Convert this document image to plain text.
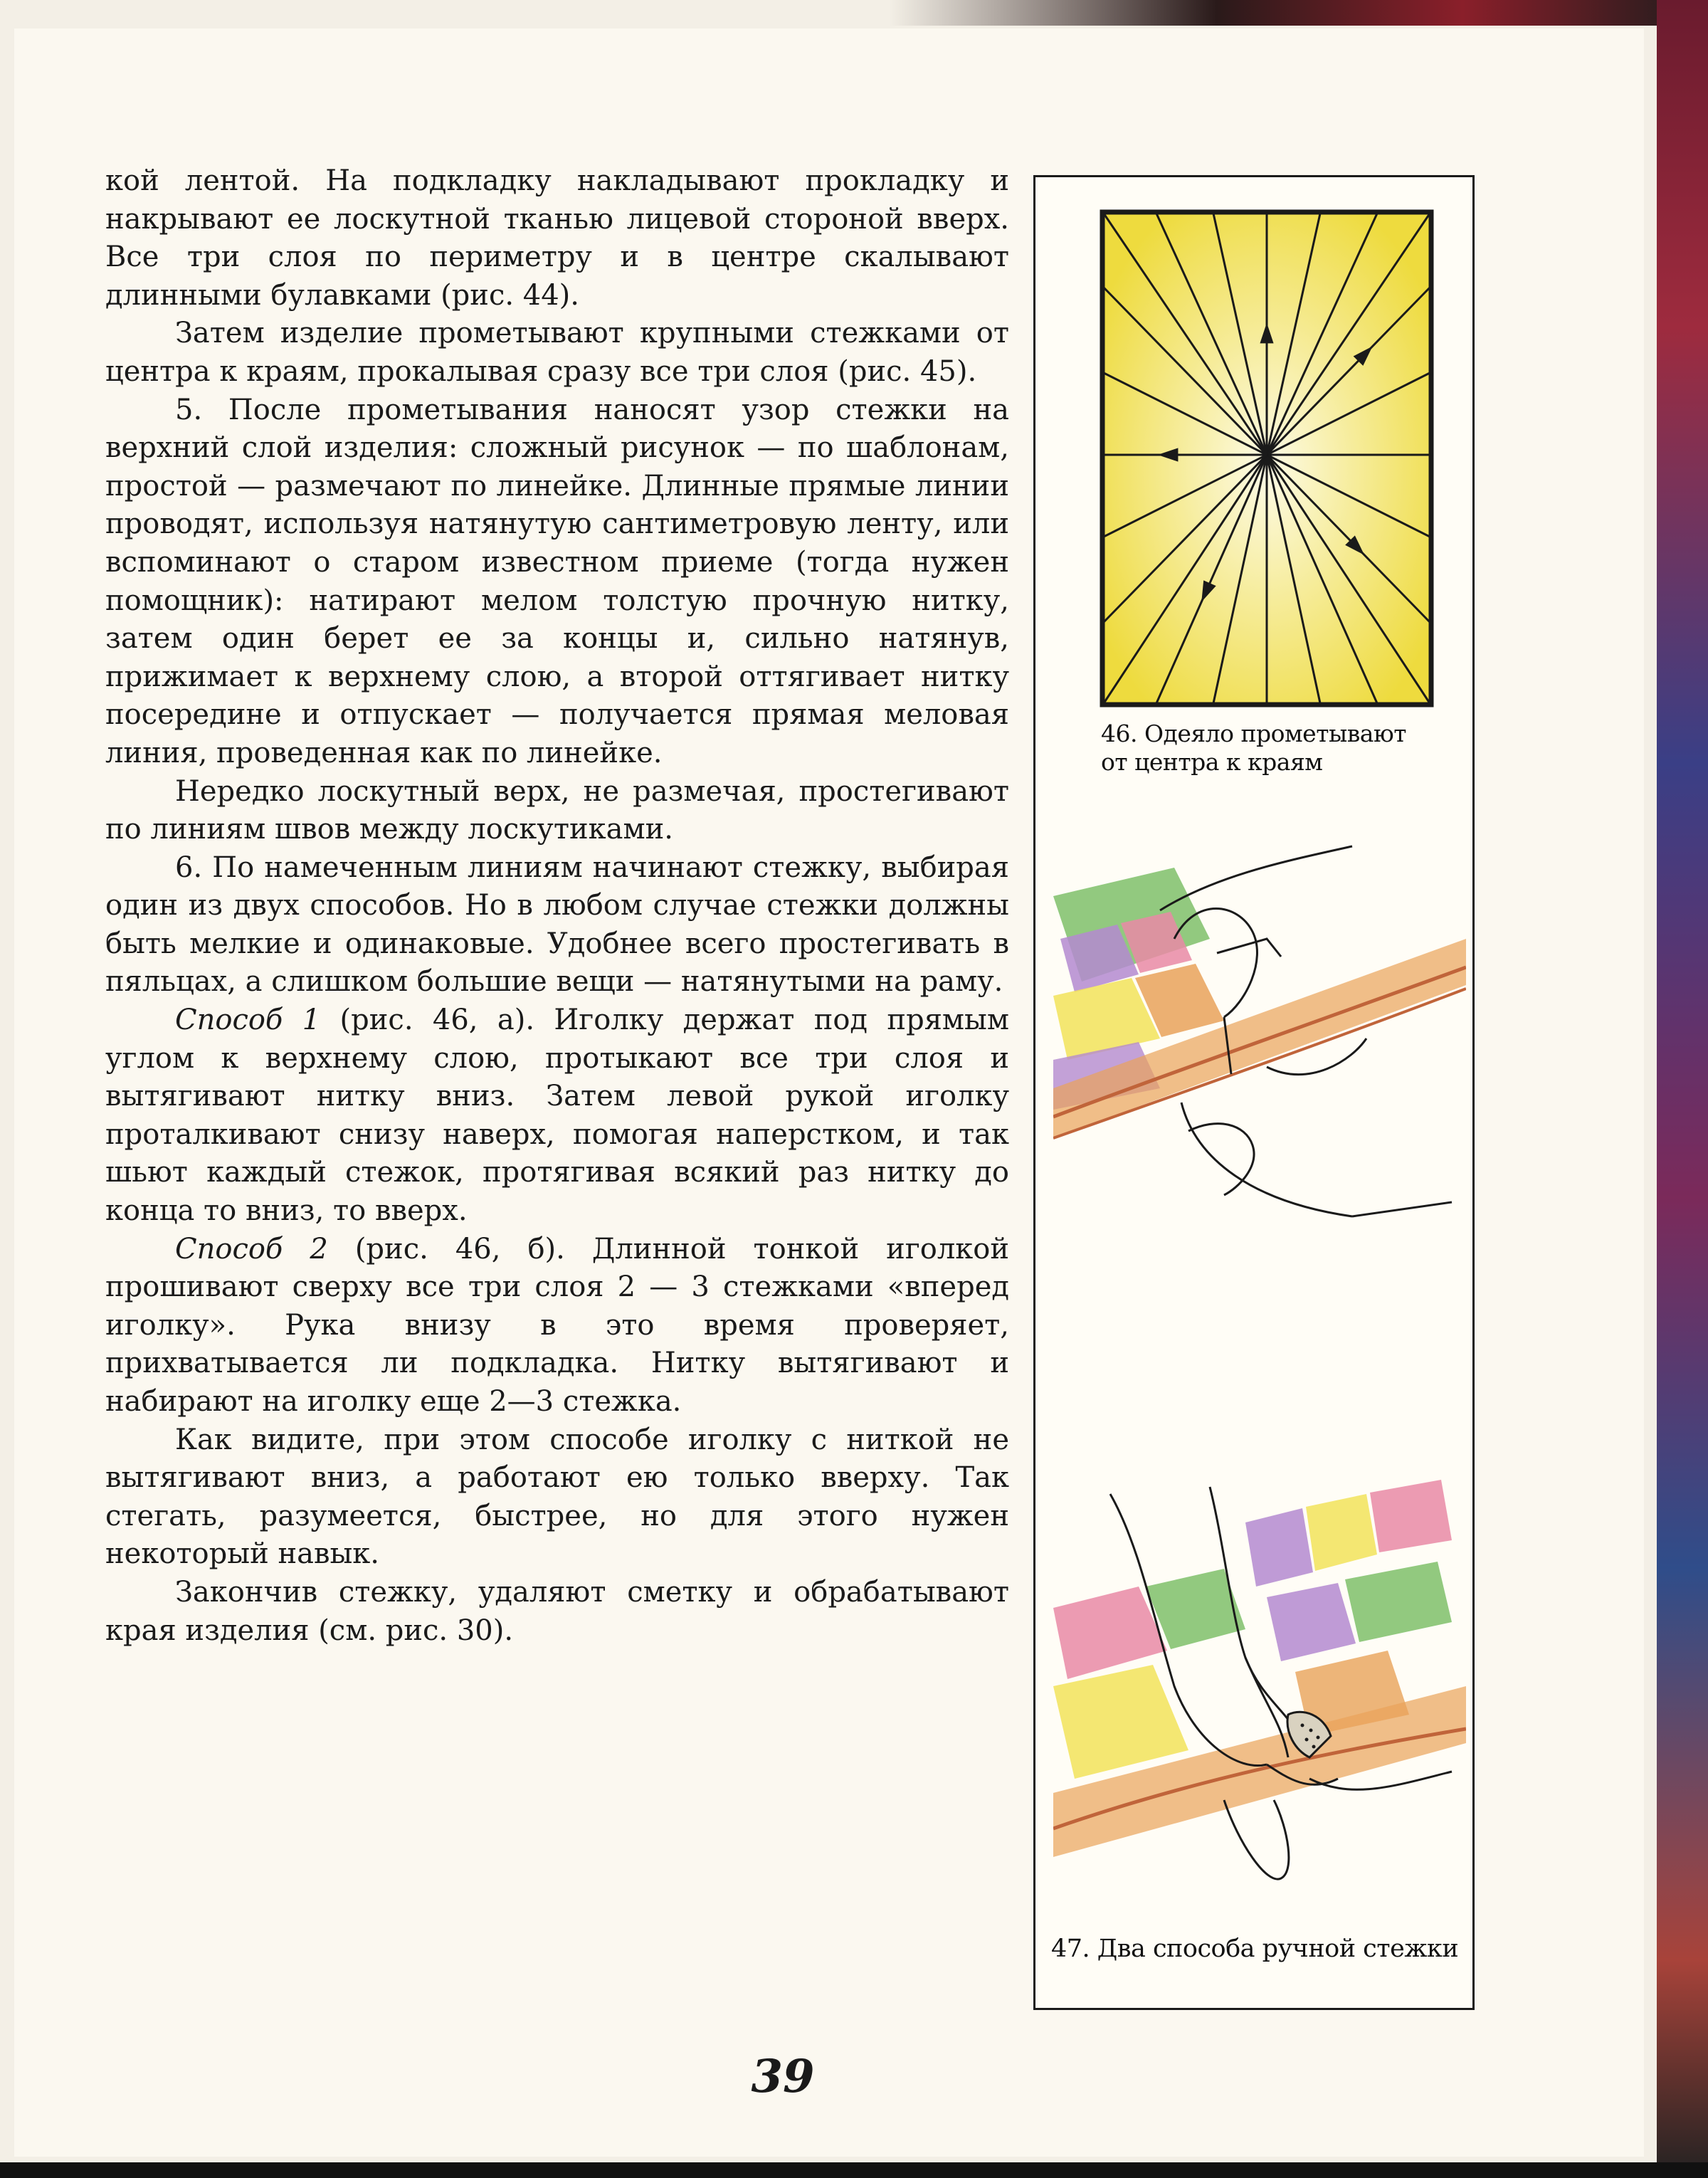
кой лентой. На подкладку накладывают прокладку и накрывают ее лоскутной тканью лицевой стороной вверх. Все три слоя по периметру и в центре скалывают длинными булавками (рис. 44).

Затем изделие прометывают крупными стежками от центра к краям, прокалывая сразу все три слоя (рис. 45).

5. После прометывания наносят узор стежки на верхний слой изделия: сложный рисунок — по шаблонам, простой — размечают по линейке. Длинные прямые линии проводят, используя натянутую сантиметровую ленту, или вспоминают о старом известном приеме (тогда нужен помощник): натирают мелом толстую прочную нитку, затем один берет ее за концы и, сильно натянув, прижимает к верхнему слою, а второй оттягивает нитку посередине и отпускает — получается прямая меловая линия, проведенная как по линейке.

Нередко лоскутный верх, не размечая, простегивают по линиям швов между лоскутиками.

6. По намеченным линиям начинают стежку, выбирая один из двух способов. Но в любом случае стежки должны быть мелкие и одинаковые. Удобнее всего простегивать в пяльцах, а слишком большие вещи — натянутыми на раму.

Способ 1 (рис. 46, а). Иголку держат под прямым углом к верхнему слою, протыкают все три слоя и вытягивают нитку вниз. Затем левой рукой иголку проталкивают снизу наверх, помогая наперстком, и так шьют каждый стежок, протягивая всякий раз нитку до конца то вниз, то вверх.

Способ 2 (рис. 46, б). Длинной тонкой иголкой прошивают сверху все три слоя 2 — 3 стежками «вперед иголку». Рука внизу в это время проверяет, прихватывается ли подкладка. Нитку вытягивают и набирают на иголку еще 2—3 стежка.

Как видите, при этом способе иголку с ниткой не вытягивают вниз, а работают ею только вверху. Так стегать, разумеется, быстрее, но для этого нужен некоторый навык.

Закончив стежку, удаляют сметку и обрабатывают края изделия (см. рис. 30).

46. Одеяло прометывают
от центра к краям
47. Два способа ручной стежки
39
